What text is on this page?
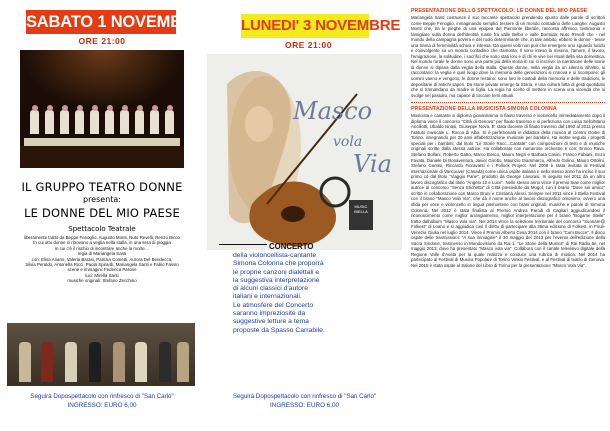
SABATO 1 NOVEMBRE
ORE 21:00
IL GRUPPO TEATRO DONNE
presenta:
LE DONNE DEL MIO PAESE
Spettacolo Teatrale

liberamente tratto da Beppe Fenoglio, Augusto Monti, Nuto Revelli, Renzo Bicco

In cui otto donne si ritrovano a veglia nella stalla, in una sera di pioggia

in cui c'è il rischio di incontrare anche la morte…

regia di Mariangela Santi

con: Elisa Ariano, Valeria Barasi, Patrizia Cometti, Aurora Del Bendecca,

Silvia Peraldo, Antonella Ricci, Paola Spirardi, Mariangela Santi e Fabio Fassio

scene e immagini: Federica Parone

luci: Mirella Santi

musiche originali: Stefano Zecchino

Seguirà Dopospettacolo con rinfresco di "San Carlo"
INGRESSO: EURO 6,00
LUNEDI' 3 NOVEMBRE
ORE 21:00
Masco
vola
Via
MUSIC BIELLA
CONCERTO
della violoncellista-cantante
Simona Colonna che proporrà
le proprie canzoni dialettali e
la suggestiva interpretazione
di alcuni classici d'autore
italiani e internazionali.
Le atmosfere del Concerto
saranno impreziosite da
suggestive letture a tema
proposte da Spasso Carrabile.
Seguirà Dopospettacolo con rinfresco di "San Carlo"
INGRESSO: EURO 6,00
PRESENTAZIONE DELLO SPETTACOLO: LE DONNE DEL MIO PAESE
Mariangela Santi costruisce il suo toccante spettacolo prendendo spunto dalle parole di scrittori come Beppe Fenoglio, inmaginando semplici tessere di un mondo contadino delle Langhe: Augusto Monti che, tra le pieghe di una epopea del Piemonte liberale, racconta affresco, testimonia e famigliare sulla donna dell'identità rurale fra valle Belbo e valle Bormida; Nuto Revelli che - nel mondo della campagna povera e del ruolo determinante che, in tale ambito, ebbero le donne - tesse una trama di femminilità schiva e intensa. Da questi volti non può che emergere uno sguardo lucido e coinvolgente su un mondo contadino che tramonta. Il sono inteso la miseria, l'amore, il lavoro, l'emigrazione, la solitudine, i sacrifici che sono stati loro e di chi le vive nei rituali della vita domestica. Nel mondo rurale le donne sono una parte più della storia in cui si inscrive: la narrazione delle storie di donne si dipana dalla veglia della stalla. Queste donne, nella veglia da un silenzio all'altro, si raccontano: la veglia è quel luogo dove la memoria delle generazioni si rinnova e si ricompone; gli uomini vanno e vengono, le donne restano: sono loro le custodi della memoria e delle tradizioni, le depositarie di antichi saperi. Da storie private emerge la Storia, e una cultura fatta di gesti quotidiani che si tramandano da madre in figlia. La regia ha scelto di mettere in scena una vicenda che si svolge nel passato, ma capace di toccare temi attuali.
PRESENTAZIONE DELLA MUSICISTA SIMONA COLONNA
Musicista e cantante si diploma giovanissima in flauto traverso e violoncello immediatamente dopo il diploma vince il concorso "Città di Genova" per flauto traverso e si perfeziona con Luisa Sello/Mario Ancillotti, Ubaldo Isnasi, Giuseppe Nova. E' stata docente di flauto traverso dal 1993 al 2011 presso l'istituto musicale L. Rocca di Alba. Si è perfezionata in didattica della musica al Centro Goitre di Torino, insegnando per 20 anni alfabetizzazione musicale per bambini. Ha inoltre seguito i progetti speciali per i bambini, dal titolo "Le Storie Racc...Cantate" con composizioni di testi e di musiche originali scritte dalla stessa autrice. Ha collaborato con numerose orchestre e con: Enrico Rava, Stefano Bollani, Roberto Gatto, Marco Bosco, Mauro Negri e Barbara Casini, Franco Fabiani, Enzo Favata, Daniele Di Bonaventura, Javier Girotto, Maurizio Giammarco, Alfredo Golino, Mauro Ottolini, Stefano Cantini, Riccardo Fioravanti e i Pollock Project. Nel 2008 è stata invitata al Festival internazionale di Vancouver (Canada) come unica ospite italiana e nello stesso anno ha inciso il suo primo cd dal titolo "Viaggio Pane", prodotto da George Lavorasi. In seguito nel 2011 da un altro lavoro discografico dal titolo "Angelo 10 e Luce". Nello stesso anno vince il premio Siae come miglior autrice al concorso "Senza Etichetta" di Città presieduto da Mogol, con il brano "Dove sei amico" scritto in collaborazione con Marco Bruni e Cristiana Alessi. Sempre nel 2011 vince il Biella Festival con il brano "Masco Vola Via", che dà il nome anche al lavoro discografico omonimo, ovvero una sfida per voce e violoncello in lingua piemontese con brani originali, musiche e parole di Simona Colonna. Nel 2012 è stata finalista al Premio Andrea Parodi di Cagliari aggiudicandosi il riconoscimento come miglior arrangiamento, miglior interpretazione per il brano "Bogame Steile" tratto dall'album "Masco vola via". Nel 2014 vince la selezione territoriale del concorso "Suonare@ Folkest" di Loano e si aggiudica così il diritto di partecipare alla 36ma edizione di Folkest, in Friuli-Venezia Giulia nel luglio 2014. Vince il Premio Alberto Cesa 2014 con il brano "Cum Bucce". Il disco ospite delle trasmissioni: "A sua immagine" il 30 maggio del 2013 per l'evento dell'edizione della Sacra Sindone, trasmesso in Mondovisione da Rai 1, "Le Storie della Musica" di Rai Radio 6e, nel maggio 2013, dove ha presentato "Masco vola via". Collabora con il canale televisivo digitale della Regione Valle d'Aosta per la quale realizza e conduce una rubrica di musica. Nel 2014 ha partecipato al Festival di Musica Popolare di Torino Vinkio Festival, e al Festival di teatro di Genova. Nel 2015 è stata ospite al Salone del Libro di Torino per la presentazione "Masco Vola Via".
